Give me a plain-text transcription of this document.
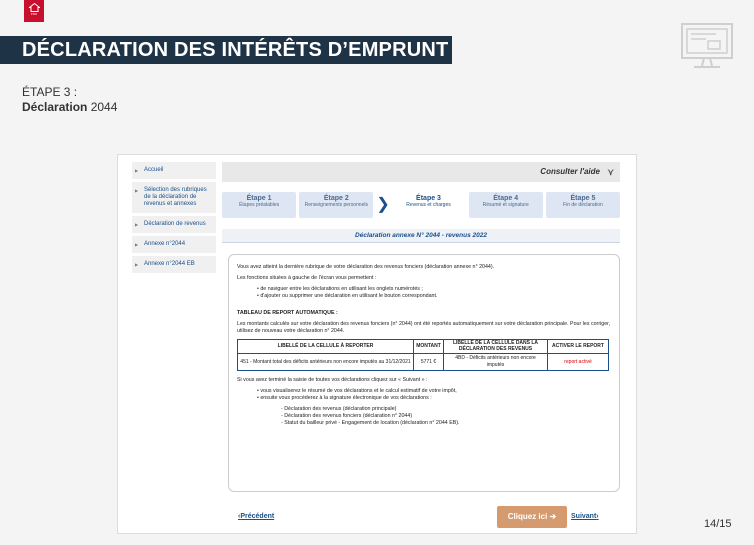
PRO
DÉCLARATION DES INTÉRÊTS D’EMPRUNT
ÉTAPE 3 :
Déclaration 2044
▶ Accueil
▶ Sélection des rubriques de la déclaration de revenus et annexes
▶ Déclaration de revenus
▶ Annexe n°2044
▶ Annexe n°2044 EB
Consulter l'aide ⋎
Étape 1
Étapes préalables
Étape 2
Renseignements personnels ❯	Étape 3
Revenus et charges
Étape 4
Résumé et signature
Étape 5
Fin de déclaration
Déclaration annexe N° 2044 - revenus 2022

Vous avez atteint la dernière rubrique de votre déclaration des revenus fonciers (déclaration annexe n° 2044).

Les fonctions situées à gauche de l'écran vous permettent :

• de naviguer entre les déclarations en utilisant les onglets numérotés ;
• d'ajouter ou supprimer une déclaration en utilisant le bouton correspondant.

TABLEAU DE REPORT AUTOMATIQUE :

Les montants calculés sur votre déclaration des revenus fonciers (n° 2044) ont été reportés automatiquement sur votre déclaration principale. Pour les corriger, utilisez de nouveau votre déclaration n° 2044.

LIBELLÉ DE LA CELLULE À REPORTER	MONTANT	LIBELLÉ DE LA CELLULE DANS LA DÉCLARATION DES REVENUS	ACTIVER LE REPORT
451 - Montant total des déficits antérieurs non encore imputés au 31/12/2021	5771 €	4BD - Déficits antérieurs non encore imputés	report activé

Si vous avez terminé la saisie de toutes vos déclarations cliquez sur « Suivant » :

• vous visualiserez le résumé de vos déclarations et le calcul estimatif de votre impôt,
• ensuite vous procéderez à la signature électronique de vos déclarations :
- Déclaration des revenus (déclaration principale)
- Déclaration des revenus fonciers (déclaration n° 2044)
- Statut du bailleur privé - Engagement de location (déclaration n° 2044 EB).
‹Précédent	Cliquez ici ➔	Suivant›
14/15
